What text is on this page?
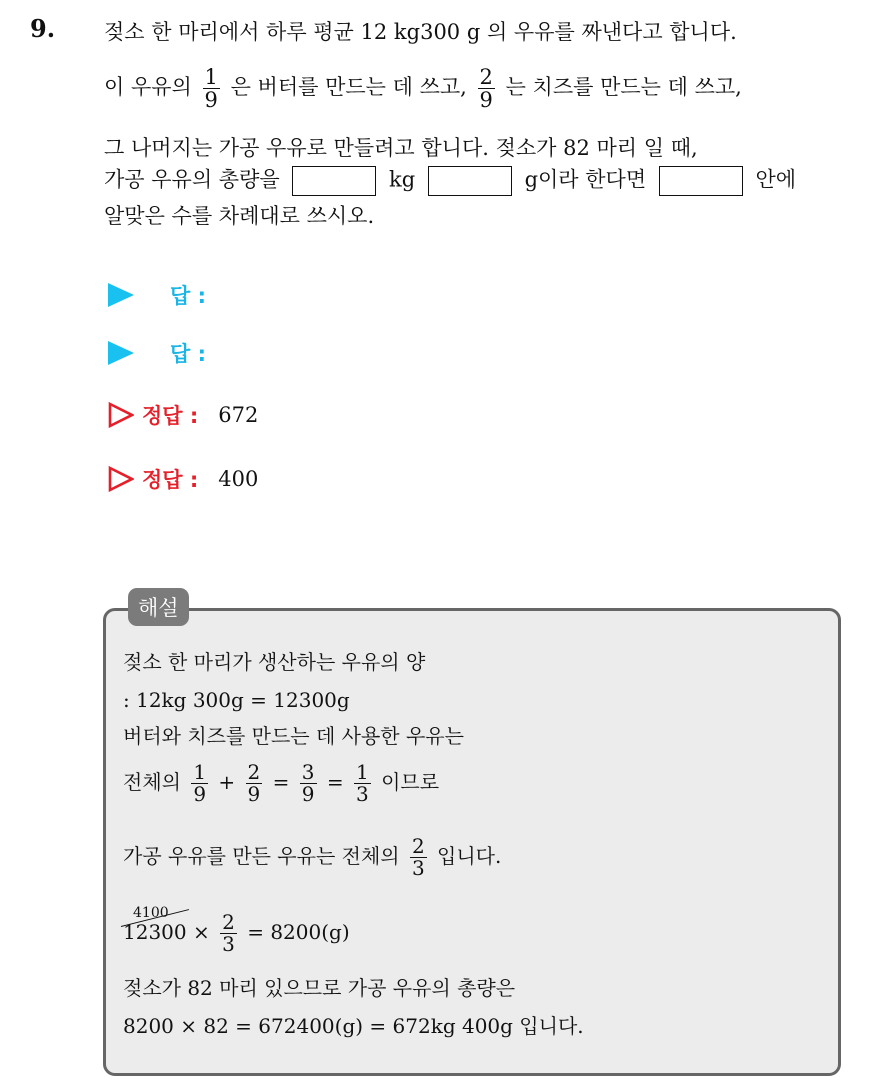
9. 젖소 한 마리에서 하루 평균 12 kg300 g 의 우유를 짜낸다고 합니다.
이 우유의 $\frac{1}{9}$ 은 버터를 만드는 데 쓰고, $\frac{2}{9}$ 는 치즈를 만드는 데 쓰고,
그 나머지는 가공 우유로 만들려고 합니다. 젖소가 82 마리 일 때,
가공 우유의 총량을	kg	g이라 한다면	안에
알맞은 수를 차례대로 쓰시오.
답 :
답 :
정답 : 672
정답 : 400
해설
젖소 한 마리가 생산하는 우유의 양
: 12kg 300g = 12300g
버터와 치즈를 만드는 데 사용한 우유는
전체의 $\frac{1}{9} + \frac{2}{9} = \frac{3}{9} = \frac{1}{3}$ 이므로
가공 우유를 만든 우유는 전체의 $\frac{2}{3}$ 입니다.
4100
$12300 \times \frac{2}{3} = 8200(g)$
젖소가 82 마리 있으므로 가공 우유의 총량은
8200 × 82 = 672400(g) = 672kg 400g 입니다.
